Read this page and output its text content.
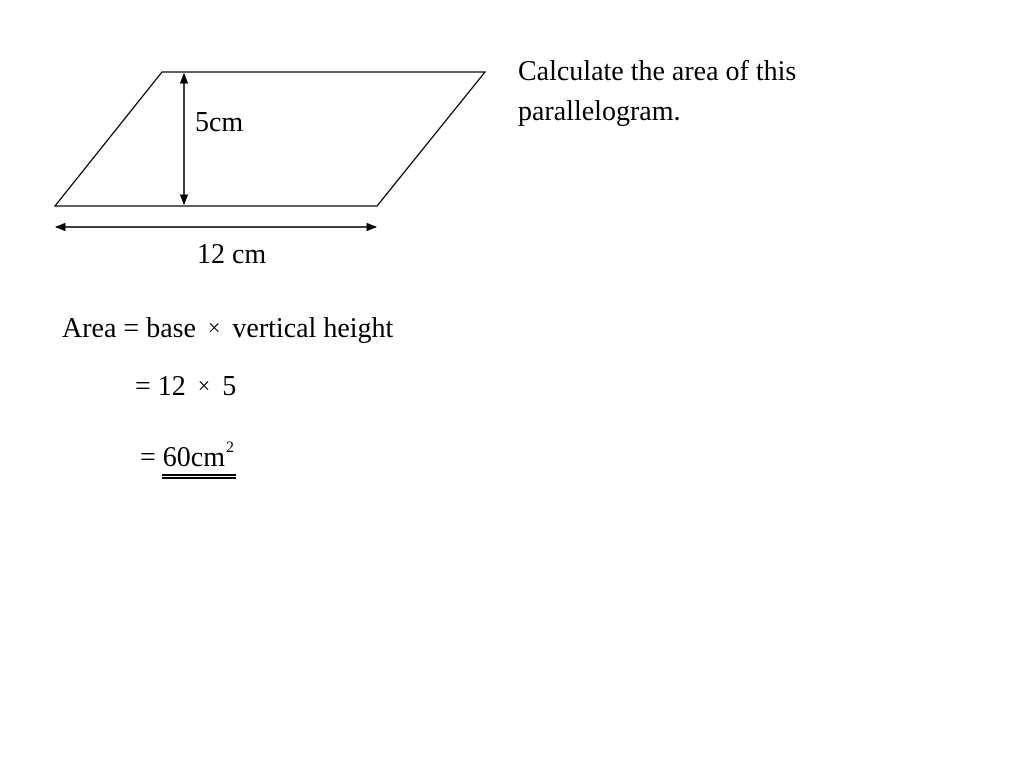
5cm
12 cm
Calculate the area of this
parallelogram.
Area = base × vertical height
= 12 × 5
= $60cm^2$
